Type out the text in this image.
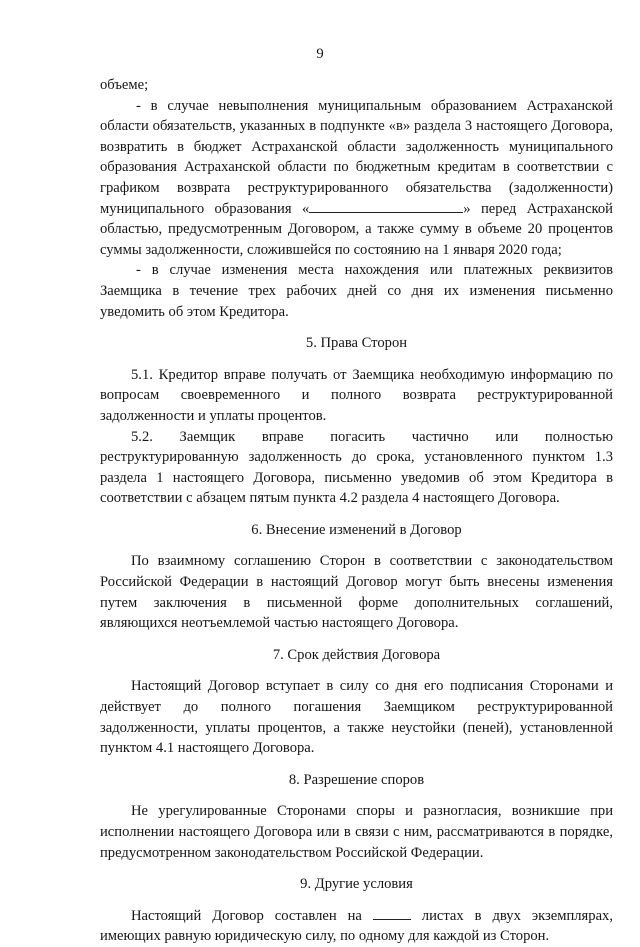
9

объеме;

- в случае невыполнения муниципальным образованием Астраханской области обязательств, указанных в подпункте «в» раздела 3 настоящего Договора, возвратить в бюджет Астраханской области задолженность муниципального образования Астраханской области по бюджетным кредитам в соответствии с графиком возврата реструктурированного обязательства (задолженности) муниципального образования «	» перед Астраханской областью, предусмотренным Договором, а также сумму в объеме 20 процентов суммы задолженности, сложившейся по состоянию на 1 января 2020 года;

- в случае изменения места нахождения или платежных реквизитов Заемщика в течение трех рабочих дней со дня их изменения письменно уведомить об этом Кредитора.

5. Права Сторон

5.1. Кредитор вправе получать от Заемщика необходимую информацию по вопросам своевременного и полного возврата реструктурированной задолженности и уплаты процентов.

5.2. Заемщик вправе погасить частично или полностью реструктурированную задолженность до срока, установленного пунктом 1.3 раздела 1 настоящего Договора, письменно уведомив об этом Кредитора в соответствии с абзацем пятым пункта 4.2 раздела 4 настоящего Договора.

6. Внесение изменений в Договор

По взаимному соглашению Сторон в соответствии с законодательством Российской Федерации в настоящий Договор могут быть внесены изменения путем заключения в письменной форме дополнительных соглашений, являющихся неотъемлемой частью настоящего Договора.

7. Срок действия Договора

Настоящий Договор вступает в силу со дня его подписания Сторонами и действует до полного погашения Заемщиком реструктурированной задолженности, уплаты процентов, а также неустойки (пеней), установленной пунктом 4.1 настоящего Договора.

8. Разрешение споров

Не урегулированные Сторонами споры и разногласия, возникшие при исполнении настоящего Договора или в связи с ним, рассматриваются в порядке, предусмотренном законодательством Российской Федерации.

9. Другие условия

Настоящий Договор составлен на	листах в двух экземплярах, имеющих равную юридическую силу, по одному для каждой из Сторон.
